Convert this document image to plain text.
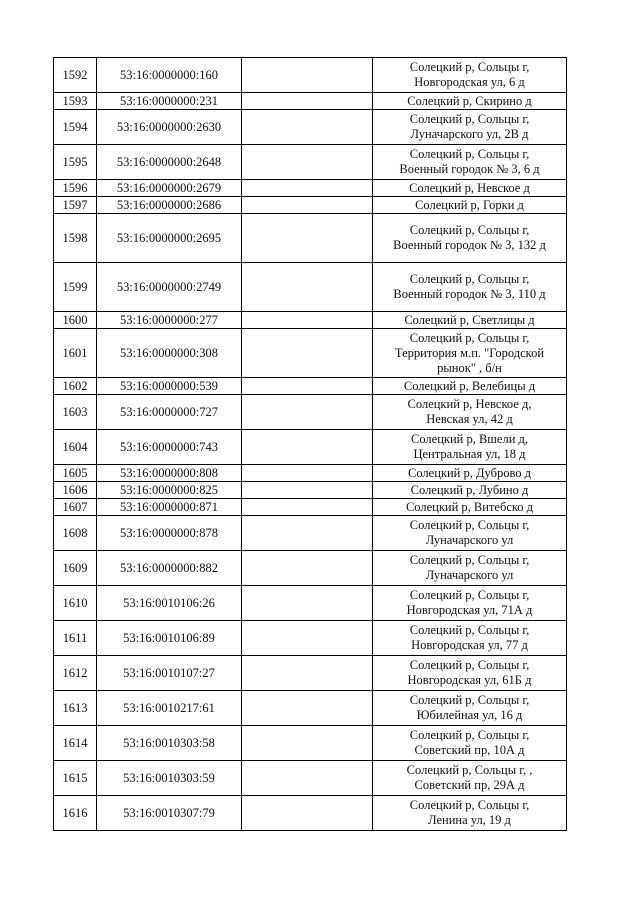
1592	53:16:0000000:160		Солецкий р, Сольцы г,
Новгородская ул, 6 д

1593	53:16:0000000:231		Солецкий р, Скирино д

1594	53:16:0000000:2630		Солецкий р, Сольцы г,
Луначарского ул, 2В д

1595	53:16:0000000:2648		Солецкий р, Сольцы г,
Военный городок № 3, 6 д

1596	53:16:0000000:2679		Солецкий р, Невское д

1597	53:16:0000000:2686		Солецкий р, Горки д

1598	53:16:0000000:2695		Солецкий р, Сольцы г,
Военный городок № 3, 132 д

1599	53:16:0000000:2749		Солецкий р, Сольцы г,
Военный городок № 3, 110 д

1600	53:16:0000000:277		Солецкий р, Светлицы д

1601	53:16:0000000:308		Солецкий р, Сольцы г,
Территория м.п. "Городской
рынок" , б/н

1602	53:16:0000000:539		Солецкий р, Велебицы д

1603	53:16:0000000:727		Солецкий р, Невское д,
Невская ул, 42 д

1604	53:16:0000000:743		Солецкий р, Вшели д,
Центральная ул, 18 д

1605	53:16:0000000:808		Солецкий р, Дуброво д

1606	53:16:0000000:825		Солецкий р, Лубино д

1607	53:16:0000000:871		Солецкий р, Витебско д

1608	53:16:0000000:878		Солецкий р, Сольцы г,
Луначарского ул

1609	53:16:0000000:882		Солецкий р, Сольцы г,
Луначарского ул

1610	53:16:0010106:26		Солецкий р, Сольцы г,
Новгородская ул, 71А д

1611	53:16:0010106:89		Солецкий р, Сольцы г,
Новгородская ул, 77 д

1612	53:16:0010107:27		Солецкий р, Сольцы г,
Новгородская ул, 61Б д

1613	53:16:0010217:61		Солецкий р, Сольцы г,
Юбилейная ул, 16 д

1614	53:16:0010303:58		Солецкий р, Сольцы г,
Советский пр, 10А д

1615	53:16:0010303:59		Солецкий р, Сольцы г, ,
Советский пр, 29А д

1616	53:16:0010307:79		Солецкий р, Сольцы г,
Ленина ул, 19 д
